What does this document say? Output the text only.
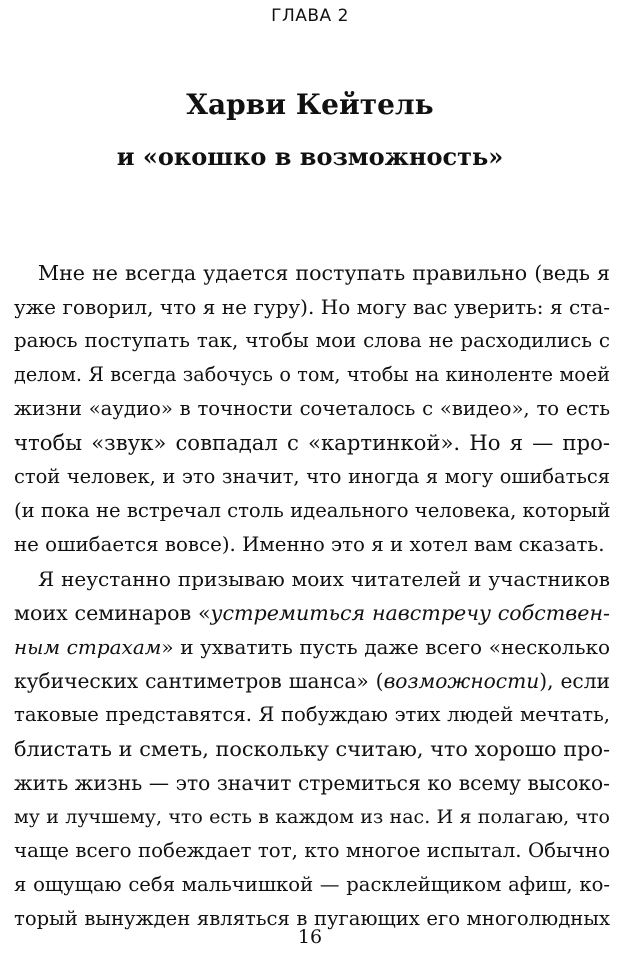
ГЛАВА 2
Харви Кейтель
и «окошко в возможность»
Мне не всегда удается поступать правильно (ведь я
уже говорил, что я не гуру). Но могу вас уверить: я ста-
раюсь поступать так, чтобы мои слова не расходились с
делом. Я всегда забочусь о том, чтобы на киноленте моей
жизни «аудио» в точности сочеталось с «видео», то есть
чтобы «звук» совпадал с «картинкой». Но я — про-
стой человек, и это значит, что иногда я могу ошибаться
(и пока не встречал столь идеального человека, который
не ошибается вовсе). Именно это я и хотел вам сказать.
Я неустанно призываю моих читателей и участников
моих семинаров «устремиться навстречу собствен-
ным страхам» и ухватить пусть даже всего «несколько
кубических сантиметров шанса» (возможности), если
таковые представятся. Я побуждаю этих людей мечтать,
блистать и сметь, поскольку считаю, что хорошо про-
жить жизнь — это значит стремиться ко всему высоко-
му и лучшему, что есть в каждом из нас. И я полагаю, что
чаще всего побеждает тот, кто многое испытал. Обычно
я ощущаю себя мальчишкой — расклейщиком афиш, ко-
торый вынужден являться в пугающих его многолюдных
16
